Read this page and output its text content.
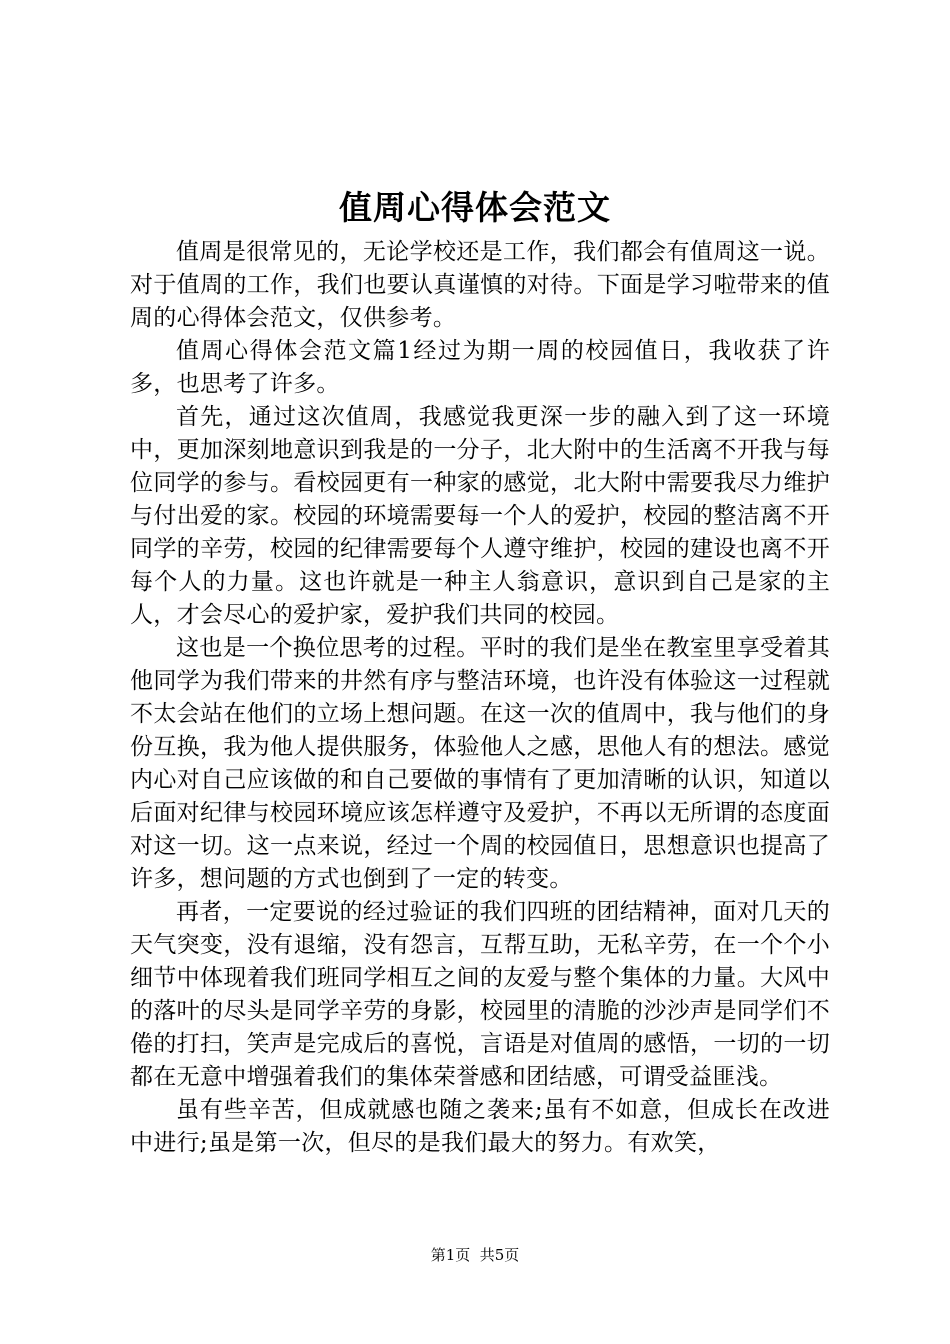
值周心得体会范文

值周是很常见的，无论学校还是工作，我们都会有值周这一说。对于值周的工作，我们也要认真谨慎的对待。下面是学习啦带来的值周的心得体会范文，仅供参考。

值周心得体会范文篇1经过为期一周的校园值日，我收获了许多，也思考了许多。

首先，通过这次值周，我感觉我更深一步的融入到了这一环境中，更加深刻地意识到我是的一分子，北大附中的生活离不开我与每位同学的参与。看校园更有一种家的感觉，北大附中需要我尽力维护与付出爱的家。校园的环境需要每一个人的爱护，校园的整洁离不开同学的辛劳，校园的纪律需要每个人遵守维护，校园的建设也离不开每个人的力量。这也许就是一种主人翁意识，意识到自己是家的主人，才会尽心的爱护家，爱护我们共同的校园。

这也是一个换位思考的过程。平时的我们是坐在教室里享受着其他同学为我们带来的井然有序与整洁环境，也许没有体验这一过程就不太会站在他们的立场上想问题。在这一次的值周中，我与他们的身份互换，我为他人提供服务，体验他人之感，思他人有的想法。感觉内心对自己应该做的和自己要做的事情有了更加清晰的认识，知道以后面对纪律与校园环境应该怎样遵守及爱护，不再以无所谓的态度面对这一切。这一点来说，经过一个周的校园值日，思想意识也提高了许多，想问题的方式也倒到了一定的转变。

再者，一定要说的经过验证的我们四班的团结精神，面对几天的天气突变，没有退缩，没有怨言，互帮互助，无私辛劳，在一个个小细节中体现着我们班同学相互之间的友爱与整个集体的力量。大风中的落叶的尽头是同学辛劳的身影，校园里的清脆的沙沙声是同学们不倦的打扫，笑声是完成后的喜悦，言语是对值周的感悟，一切的一切都在无意中增强着我们的集体荣誉感和团结感，可谓受益匪浅。

虽有些辛苦，但成就感也随之袭来;虽有不如意，但成长在改进中进行;虽是第一次，但尽的是我们最大的努力。有欢笑，

第1页  共5页
